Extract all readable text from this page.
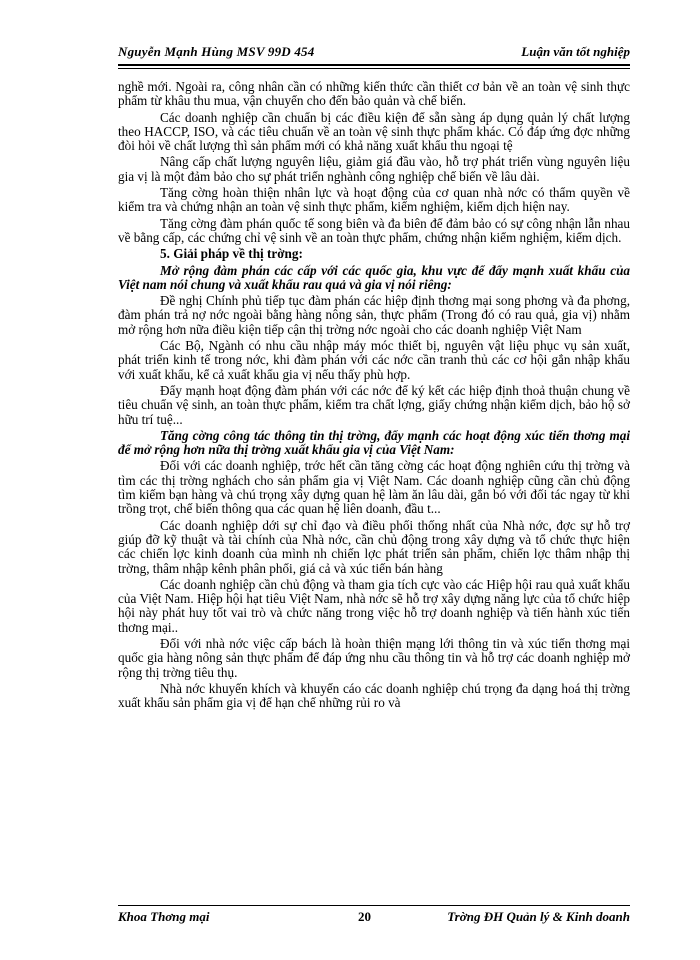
Nguyễn Mạnh Hùng MSV 99D 454	Luận văn tốt nghiệp

nghề mới. Ngoài ra, công nhân cần có những kiến thức cần thiết cơ bản về an toàn vệ sinh thực phẩm từ khâu thu mua, vận chuyển cho đến bảo quản và chế biến.

Các doanh nghiệp cần chuẩn bị các điều kiện để sẵn sàng áp dụng quản lý chất lượng theo HACCP, ISO, và các tiêu chuẩn về an toàn vệ sinh thực phẩm khác. Có đáp ứng đợc những đòi hỏi về chất lượng thì sản phẩm mới có khả năng xuất khẩu thu ngoại tệ

Nâng cấp chất lượng nguyên liệu, giảm giá đầu vào, hỗ trợ phát triển vùng nguyên liệu gia vị là một đảm bảo cho sự phát triển nghành công nghiệp chế biến về lâu dài.

Tăng cờng hoàn thiện nhân lực và hoạt động của cơ quan nhà nớc có thẩm quyền về kiểm tra và chứng nhận an toàn vệ sinh thực phẩm, kiểm nghiệm, kiểm dịch hiện nay.

Tăng cờng đàm phán quốc tế song biên và đa biên để đảm bảo có sự công nhận lẫn nhau về bằng cấp, các chứng chỉ vệ sinh về an toàn thực phẩm, chứng nhận kiểm nghiệm, kiểm dịch.

5. Giải pháp về thị trờng:

Mở rộng đàm phán các cấp với các quốc gia, khu vực để đẩy mạnh xuất khẩu của Việt nam nói chung và xuất khẩu rau quả và gia vị nói riêng:

Đề nghị Chính phủ tiếp tục đàm phán các hiệp định thơng mại song phơng và đa phơng, đàm phán trả nợ nớc ngoài bằng hàng nông sản, thực phẩm (Trong đó có rau quả, gia vị) nhằm mở rộng hơn nữa điều kiện tiếp cận thị trờng nớc ngoài cho các doanh nghiệp Việt Nam

Các Bộ, Ngành có nhu cầu nhập máy móc thiết bị, nguyên vật liệu phục vụ sản xuất, phát triển kinh tế trong nớc, khi đàm phán với các nớc cần tranh thủ các cơ hội gắn nhập khẩu với xuất khẩu, kể cả xuất khẩu gia vị nếu thấy phù hợp.

Đẩy mạnh hoạt động đàm phán với các nớc để ký kết các hiệp định thoả thuận chung về tiêu chuẩn vệ sinh, an toàn thực phẩm, kiểm tra chất lợng, giấy chứng nhận kiểm dịch, bảo hộ sở hữu trí tuệ...

Tăng cờng công tác thông tin thị trờng, đẩy mạnh các hoạt động xúc tiến thơng mại để mở rộng hơn nữa thị trờng xuất khẩu gia vị của Việt Nam:

Đối với các doanh nghiệp, trớc hết cần tăng cờng các hoạt động nghiên cứu thị trờng và tìm các thị trờng nghách cho sản phẩm gia vị Việt Nam. Các doanh nghiệp cũng cần chủ động tìm kiếm bạn hàng và chú trọng xây dựng quan hệ làm ăn lâu dài, gắn bó với đối tác ngay từ khi trồng trọt, chế biến thông qua các quan hệ liên doanh, đầu t...

Các doanh nghiệp dới sự chỉ đạo và điều phối thống nhất của Nhà nớc, đợc sự hỗ trợ giúp đỡ kỹ thuật và tài chính của Nhà nớc, cần chủ động trong xây dựng và tổ chức thực hiện các chiến lợc kinh doanh của mình nh chiến lợc phát triển sản phẩm, chiến lợc thâm nhập thị trờng, thâm nhập kênh phân phối, giá cả và xúc tiến bán hàng

Các doanh nghiệp cần chủ động và tham gia tích cực vào các Hiệp hội rau quả xuất khẩu của Việt Nam. Hiệp hội hạt tiêu Việt Nam, nhà nớc sẽ hỗ trợ xây dựng năng lực của tổ chức hiệp hội này phát huy tốt vai trò và chức năng trong việc hỗ trợ doanh nghiệp và tiến hành xúc tiến thơng mại..

Đối với nhà nớc việc cấp bách là hoàn thiện mạng lới thông tin và xúc tiến thơng mại quốc gia hàng nông sản thực phẩm để đáp ứng nhu cầu thông tin và hỗ trợ các doanh nghiệp mở rộng thị trờng tiêu thụ.

Nhà nớc khuyến khích và khuyến cáo các doanh nghiệp chú trọng đa dạng hoá thị trờng xuất khẩu sản phẩm gia vị để hạn chế những rủi ro và

Khoa Thơng mại	20	Trờng ĐH Quản lý & Kinh doanh
